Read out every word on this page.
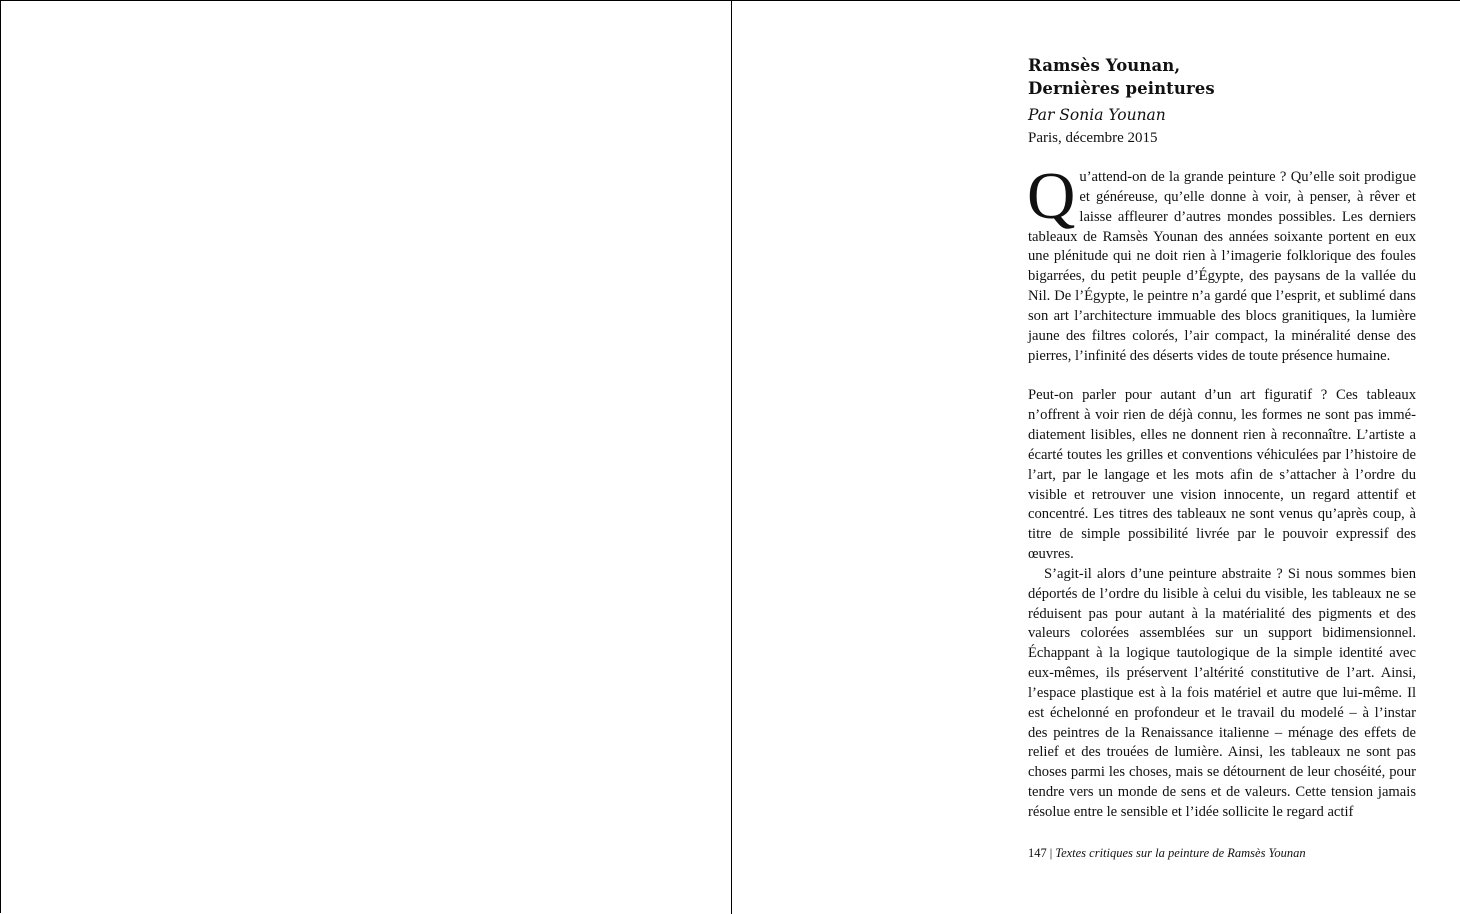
Ramsès Younan,
Dernières peintures

Par Sonia Younan

Paris, décembre 2015

Qu’attend-on de la grande peinture ? Qu’elle soit prodigue et généreuse, qu’elle donne à voir, à penser, à rêver et laisse affleurer d’autres mondes possibles. Les derniers tableaux de Ramsès Younan des années soixante portent en eux une plénitude qui ne doit rien à l’imagerie folklorique des foules bigarrées, du petit peuple d’Égypte, des paysans de la vallée du Nil. De l’Égypte, le peintre n’a gardé que l’esprit, et sublimé dans son art l’architecture immuable des blocs granitiques, la lumière jaune des filtres colorés, l’air compact, la minéralité dense des pierres, l’infinité des déserts vides de toute présence humaine.

Peut-on parler pour autant d’un art figuratif ? Ces tableaux n’offrent à voir rien de déjà connu, les formes ne sont pas immédiatement lisibles, elles ne donnent rien à reconnaître. L’artiste a écarté toutes les grilles et conventions véhiculées par l’histoire de l’art, par le langage et les mots afin de s’attacher à l’ordre du visible et retrouver une vision innocente, un regard attentif et concentré. Les titres des tableaux ne sont venus qu’après coup, à titre de simple possibilité livrée par le pouvoir expressif des œuvres.

S’agit-il alors d’une peinture abstraite ? Si nous sommes bien déportés de l’ordre du lisible à celui du visible, les tableaux ne se réduisent pas pour autant à la matérialité des pigments et des valeurs colorées assemblées sur un support bidimensionnel. Échappant à la logique tautologique de la simple identité avec eux-mêmes, ils préservent l’altérité constitutive de l’art. Ainsi, l’espace plastique est à la fois matériel et autre que lui-même. Il est échelonné en profondeur et le travail du modelé – à l’instar des peintres de la Renaissance italienne – ménage des effets de relief et des trouées de lumière. Ainsi, les tableaux ne sont pas choses parmi les choses, mais se détournent de leur choséité, pour tendre vers un monde de sens et de valeurs. Cette tension jamais résolue entre le sensible et l’idée sollicite le regard actif

147 | Textes critiques sur la peinture de Ramsès Younan
